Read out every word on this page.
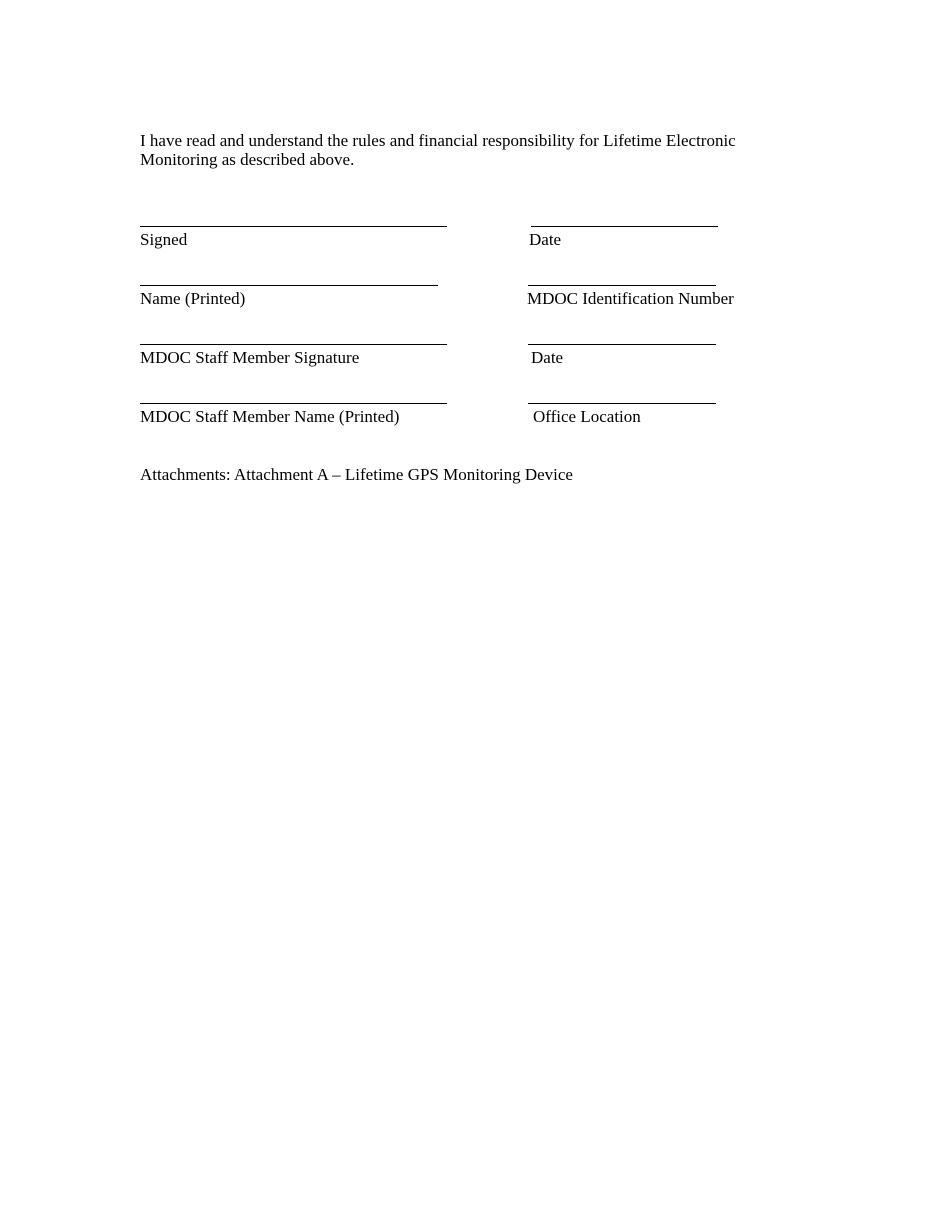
I have read and understand the rules and financial responsibility for Lifetime Electronic Monitoring as described above.

Signed	Date
Name (Printed)	MDOC Identification Number
MDOC Staff Member Signature	Date
MDOC Staff Member Name (Printed)	Office Location
Attachments: Attachment A – Lifetime GPS Monitoring Device
